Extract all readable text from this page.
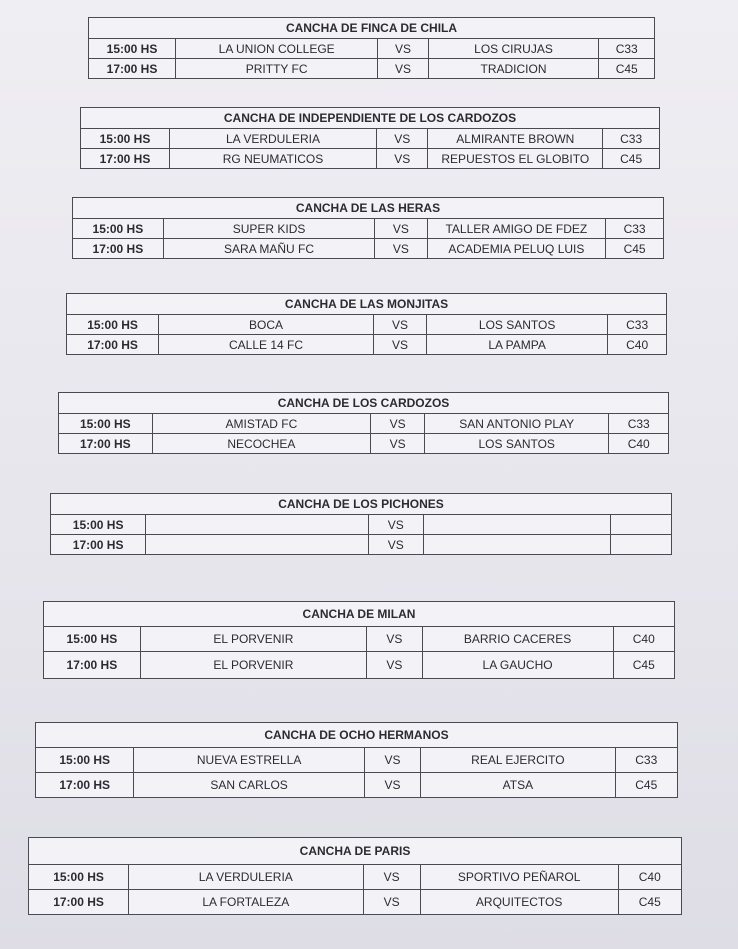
CANCHA DE FINCA DE CHILA
15:00 HS	LA UNION COLLEGE	VS	LOS CIRUJAS	C33
17:00 HS	PRITTY FC	VS	TRADICION	C45
CANCHA DE INDEPENDIENTE DE LOS CARDOZOS
15:00 HS	LA VERDULERIA	VS	ALMIRANTE BROWN	C33
17:00 HS	RG NEUMATICOS	VS	REPUESTOS EL GLOBITO	C45
CANCHA DE LAS HERAS
15:00 HS	SUPER KIDS	VS	TALLER AMIGO DE FDEZ	C33
17:00 HS	SARA MAÑU FC	VS	ACADEMIA PELUQ LUIS	C45
CANCHA DE LAS MONJITAS
15:00 HS	BOCA	VS	LOS SANTOS	C33
17:00 HS	CALLE 14 FC	VS	LA PAMPA	C40
CANCHA DE LOS CARDOZOS
15:00 HS	AMISTAD FC	VS	SAN ANTONIO PLAY	C33
17:00 HS	NECOCHEA	VS	LOS SANTOS	C40
CANCHA DE LOS PICHONES
15:00 HS		VS		
17:00 HS		VS		
CANCHA DE MILAN
15:00 HS	EL PORVENIR	VS	BARRIO CACERES	C40
17:00 HS	EL PORVENIR	VS	LA GAUCHO	C45
CANCHA DE OCHO HERMANOS
15:00 HS	NUEVA ESTRELLA	VS	REAL EJERCITO	C33
17:00 HS	SAN CARLOS	VS	ATSA	C45
CANCHA DE PARIS
15:00 HS	LA VERDULERIA	VS	SPORTIVO PEÑAROL	C40
17:00 HS	LA FORTALEZA	VS	ARQUITECTOS	C45
